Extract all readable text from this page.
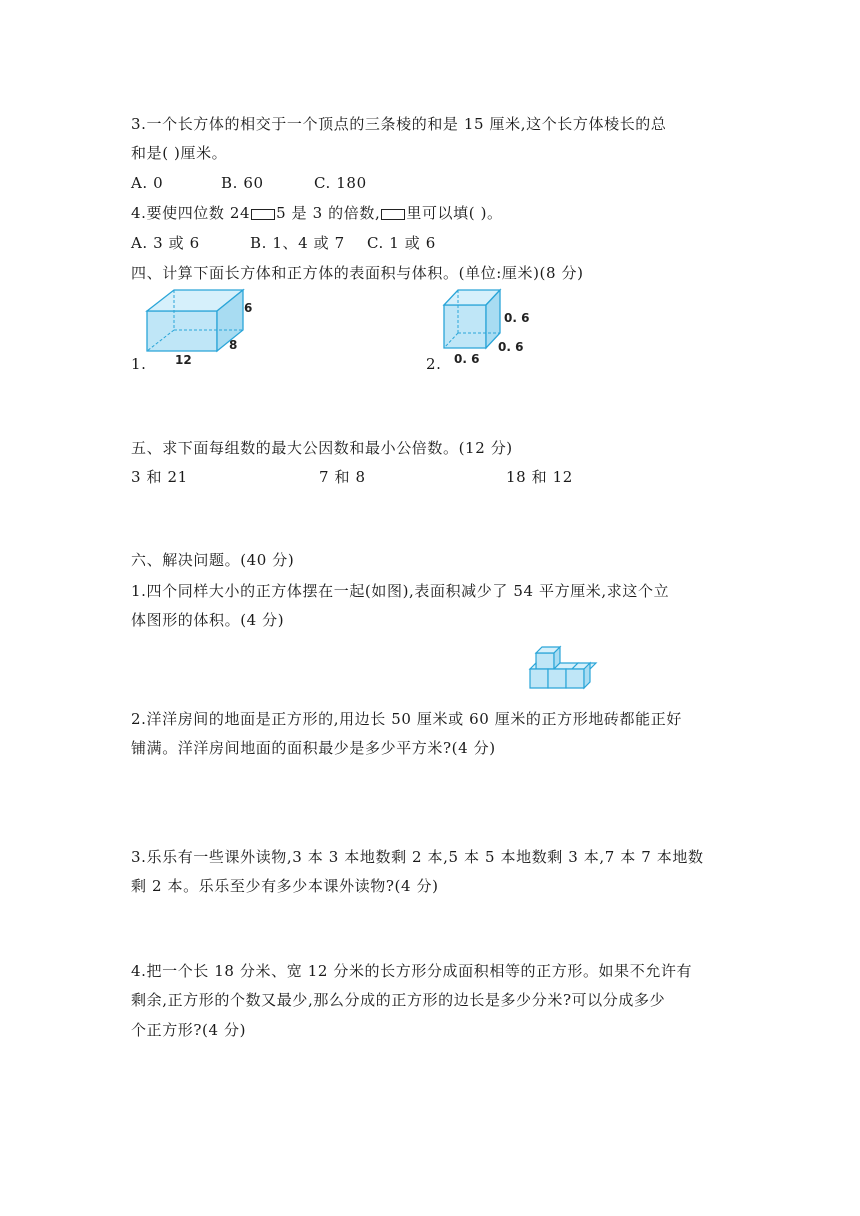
3.一个长方体的相交于一个顶点的三条棱的和是 15 厘米,这个长方体棱长的总
和是( )厘米。
A. 0	B. 60	C. 180
4.要使四位数 24 5 是 3 的倍数, 里可以填( )。
A. 3 或 6	B. 1、4 或 7 C. 1 或 6
四、计算下面长方体和正方体的表面积与体积。(单位:厘米)(8 分)
1.
6
8
12	2.
0. 6
0. 6
0. 6
五、求下面每组数的最大公因数和最小公倍数。(12 分)
3 和 21	7 和 8	18 和 12
六、解决问题。(40 分)
1.四个同样大小的正方体摆在一起(如图),表面积减少了 54 平方厘米,求这个立
体图形的体积。(4 分)
2.洋洋房间的地面是正方形的,用边长 50 厘米或 60 厘米的正方形地砖都能正好
铺满。洋洋房间地面的面积最少是多少平方米?(4 分)
3.乐乐有一些课外读物,3 本 3 本地数剩 2 本,5 本 5 本地数剩 3 本,7 本 7 本地数
剩 2 本。乐乐至少有多少本课外读物?(4 分)
4.把一个长 18 分米、宽 12 分米的长方形分成面积相等的正方形。如果不允许有
剩余,正方形的个数又最少,那么分成的正方形的边长是多少分米?可以分成多少
个正方形?(4 分)
